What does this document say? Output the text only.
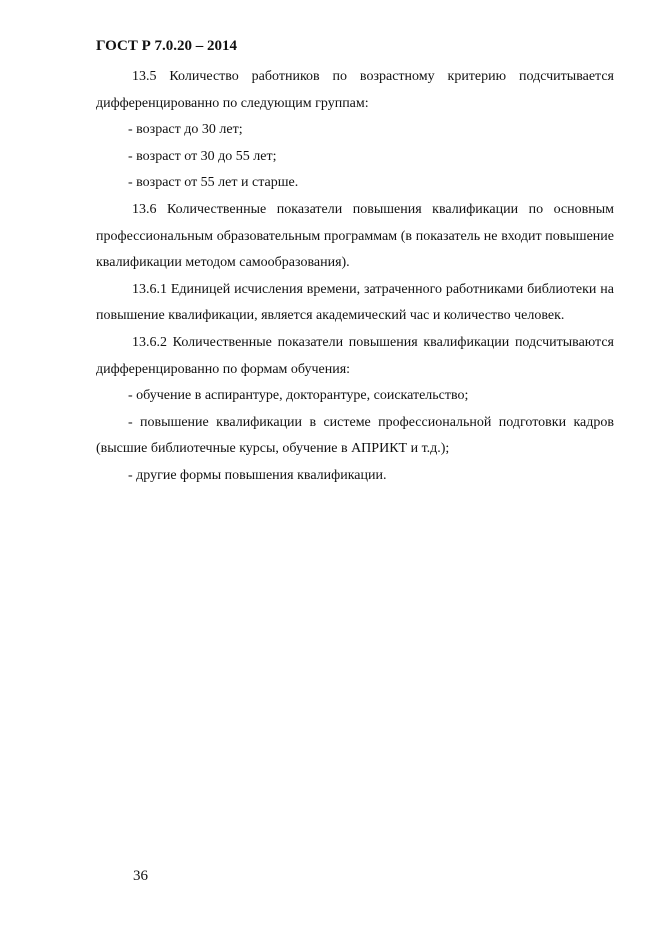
ГОСТ Р 7.0.20 – 2014

13.5 Количество работников по возрастному критерию подсчитывается дифференцированно по следующим группам:

- возраст до 30 лет;

- возраст от 30 до 55 лет;

- возраст от 55 лет и старше.

13.6 Количественные показатели повышения квалификации по основным профессиональным образовательным программам (в показатель не входит повышение квалификации методом самообразования).

13.6.1 Единицей исчисления времени, затраченного работниками библиотеки на повышение квалификации, является академический час и количество человек.

13.6.2 Количественные показатели повышения квалификации подсчитываются дифференцированно по формам обучения:

- обучение в аспирантуре, докторантуре, соискательство;

- повышение квалификации в системе профессиональной подготовки кадров (высшие библиотечные курсы, обучение в АПРИКТ и т.д.);

- другие формы повышения квалификации.

36
